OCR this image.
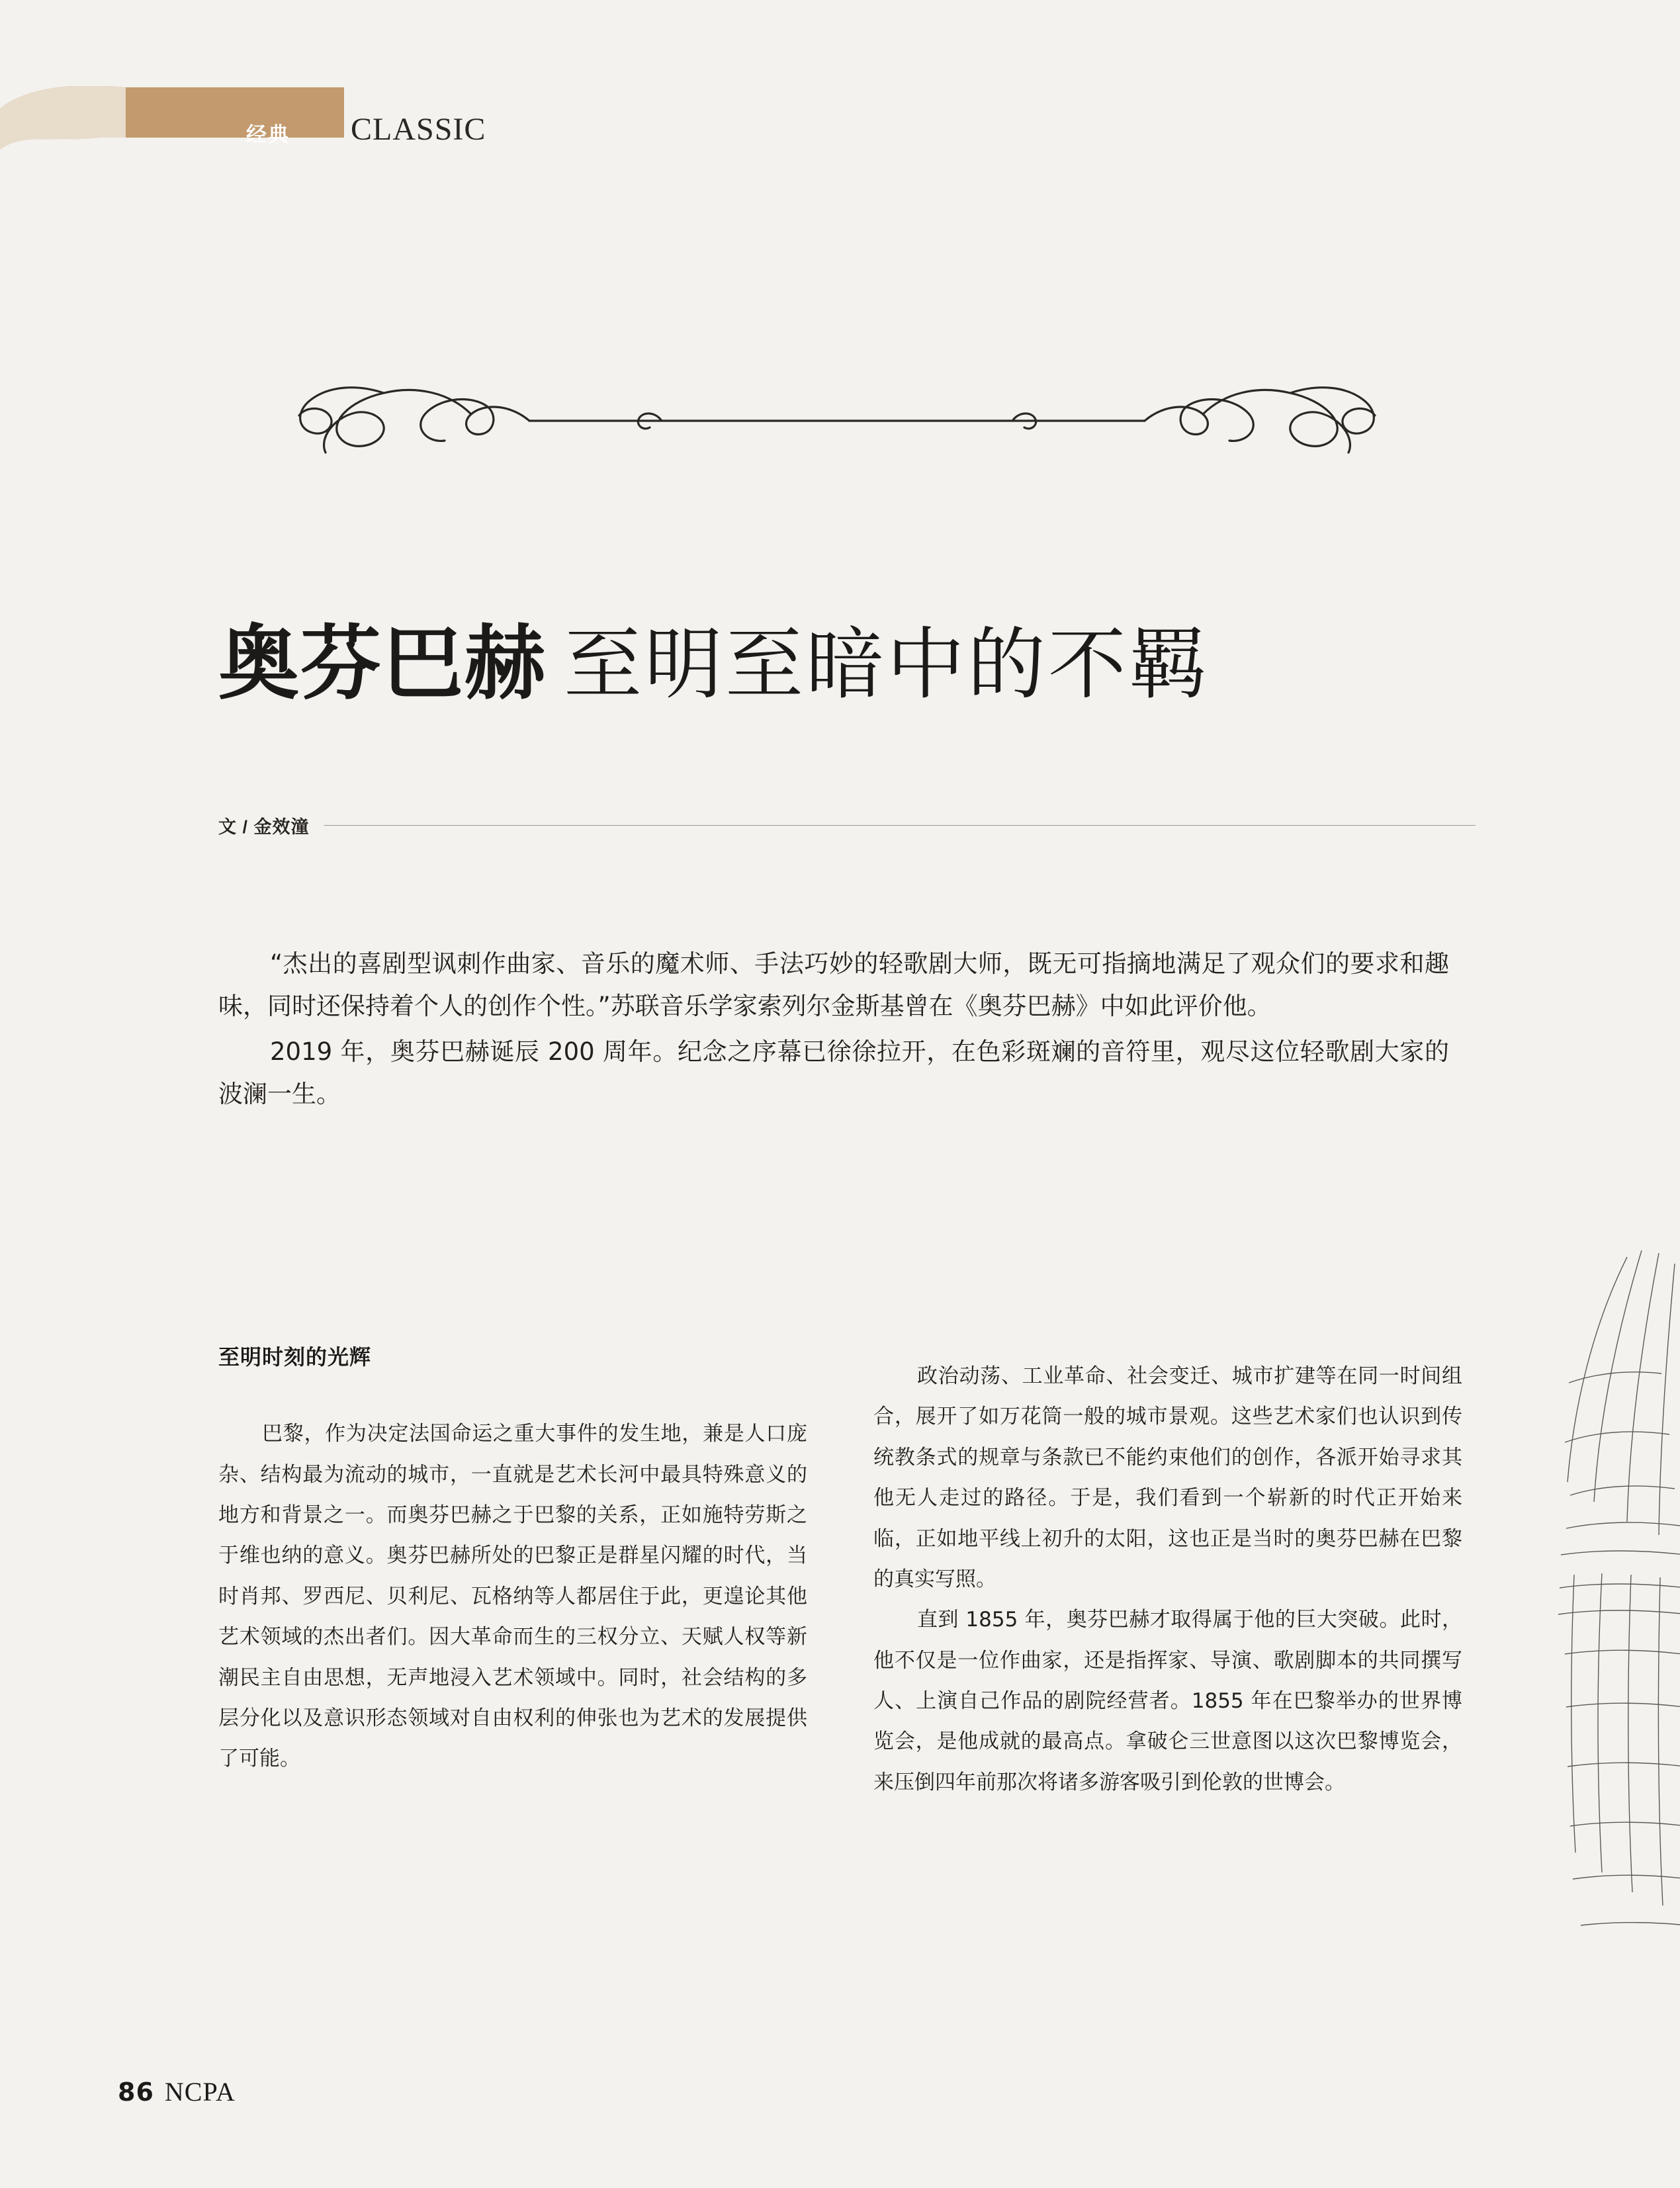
经典 CLASSIC
奥芬巴赫 至明至暗中的不羁
文 / 金效潼

“杰出的喜剧型讽刺作曲家、音乐的魔术师、手法巧妙的轻歌剧大师，既无可指摘地满足了观众们的要求和趣味，同时还保持着个人的创作个性。”苏联音乐学家索列尔金斯基曾在《奥芬巴赫》中如此评价他。

2019 年，奥芬巴赫诞辰 200 周年。纪念之序幕已徐徐拉开，在色彩斑斓的音符里，观尽这位轻歌剧大家的波澜一生。

至明时刻的光辉

巴黎，作为决定法国命运之重大事件的发生地，兼是人口庞杂、结构最为流动的城市，一直就是艺术长河中最具特殊意义的地方和背景之一。而奥芬巴赫之于巴黎的关系，正如施特劳斯之于维也纳的意义。奥芬巴赫所处的巴黎正是群星闪耀的时代，当时肖邦、罗西尼、贝利尼、瓦格纳等人都居住于此，更遑论其他艺术领域的杰出者们。因大革命而生的三权分立、天赋人权等新潮民主自由思想，无声地浸入艺术领域中。同时，社会结构的多层分化以及意识形态领域对自由权利的伸张也为艺术的发展提供了可能。

政治动荡、工业革命、社会变迁、城市扩建等在同一时间组合，展开了如万花筒一般的城市景观。这些艺术家们也认识到传统教条式的规章与条款已不能约束他们的创作，各派开始寻求其他无人走过的路径。于是，我们看到一个崭新的时代正开始来临，正如地平线上初升的太阳，这也正是当时的奥芬巴赫在巴黎的真实写照。

直到 1855 年，奥芬巴赫才取得属于他的巨大突破。此时，他不仅是一位作曲家，还是指挥家、导演、歌剧脚本的共同撰写人、上演自己作品的剧院经营者。1855 年在巴黎举办的世界博览会，是他成就的最高点。拿破仑三世意图以这次巴黎博览会，来压倒四年前那次将诸多游客吸引到伦敦的世博会。

86 NCPA
